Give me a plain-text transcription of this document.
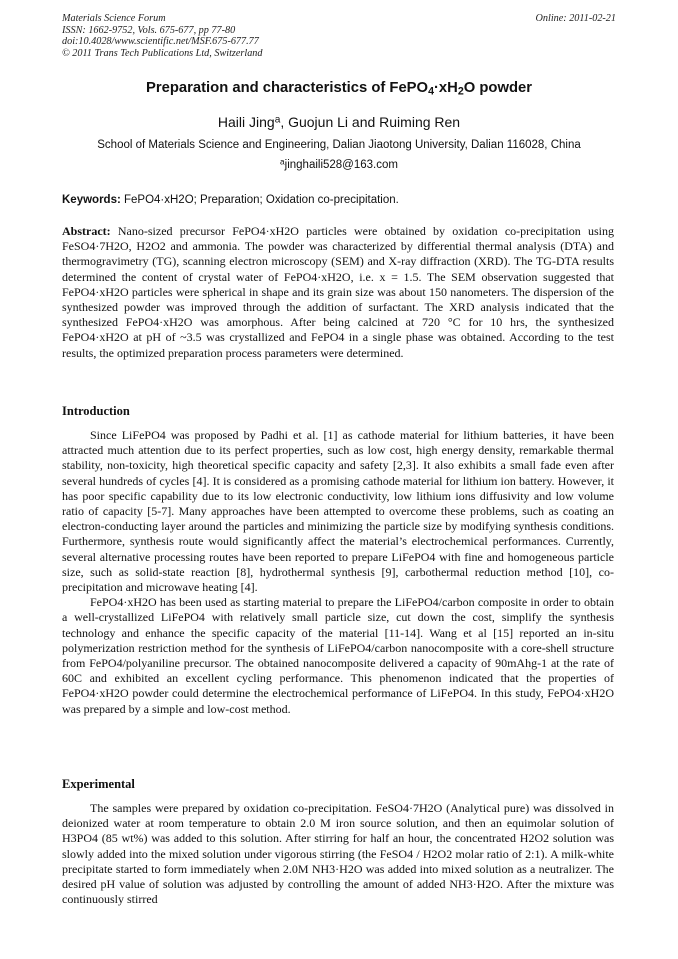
Materials Science Forum	Online: 2011-02-21
ISSN: 1662-9752, Vols. 675-677, pp 77-80
doi:10.4028/www.scientific.net/MSF.675-677.77
© 2011 Trans Tech Publications Ltd, Switzerland
Preparation and characteristics of $FePO_4\cdot xH_2O$ powder
Haili Jing$^a$, Guojun Li and Ruiming Ren
School of Materials Science and Engineering, Dalian Jiaotong University, Dalian 116028, China
$^a$jinghaili528@163.com
Keywords: FePO4·xH2O; Preparation; Oxidation co-precipitation.

Abstract: Nano-sized precursor FePO4·xH2O particles were obtained by oxidation co-precipitation using FeSO4·7H2O, H2O2 and ammonia. The powder was characterized by differential thermal analysis (DTA) and thermogravimetry (TG), scanning electron microscopy (SEM) and X-ray diffraction (XRD). The TG-DTA results determined the content of crystal water of FePO4·xH2O, i.e. x = 1.5. The SEM observation suggested that FePO4·xH2O particles were spherical in shape and its grain size was about 150 nanometers. The dispersion of the synthesized powder was improved through the addition of surfactant. The XRD analysis indicated that the synthesized FePO4·xH2O was amorphous. After being calcined at 720 °C for 10 hrs, the synthesized FePO4·xH2O at pH of ~3.5 was crystallized and FePO4 in a single phase was obtained. According to the test results, the optimized preparation process parameters were determined.

Introduction

Since LiFePO4 was proposed by Padhi et al. [1] as cathode material for lithium batteries, it have been attracted much attention due to its perfect properties, such as low cost, high energy density, remarkable thermal stability, non-toxicity, high theoretical specific capacity and safety [2,3]. It also exhibits a small fade even after several hundreds of cycles [4]. It is considered as a promising cathode material for lithium ion battery. However, it has poor specific capability due to its low electronic conductivity, low lithium ions diffusivity and low volume ratio of capacity [5-7]. Many approaches have been attempted to overcome these problems, such as coating an electron-conducting layer around the particles and minimizing the particle size by modifying synthesis conditions. Furthermore, synthesis route would significantly affect the material’s electrochemical performances. Currently, several alternative processing routes have been reported to prepare LiFePO4 with fine and homogeneous particle size, such as solid-state reaction [8], hydrothermal synthesis [9], carbothermal reduction method [10], co-precipitation and microwave heating [4].

FePO4·xH2O has been used as starting material to prepare the LiFePO4/carbon composite in order to obtain a well-crystallized LiFePO4 with relatively small particle size, cut down the cost, simplify the synthesis technology and enhance the specific capacity of the material [11-14]. Wang et al [15] reported an in-situ polymerization restriction method for the synthesis of LiFePO4/carbon nanocomposite with a core-shell structure from FePO4/polyaniline precursor. The obtained nanocomposite delivered a capacity of 90mAhg-1 at the rate of 60C and exhibited an excellent cycling performance. This phenomenon indicated that the properties of FePO4·xH2O powder could determine the electrochemical performance of LiFePO4. In this study, FePO4·xH2O was prepared by a simple and low-cost method.

Experimental

The samples were prepared by oxidation co-precipitation. FeSO4·7H2O (Analytical pure) was dissolved in deionized water at room temperature to obtain 2.0 M iron source solution, and then an equimolar solution of H3PO4 (85 wt%) was added to this solution. After stirring for half an hour, the concentrated H2O2 solution was slowly added into the mixed solution under vigorous stirring (the FeSO4 / H2O2 molar ratio of 2:1). A milk-white precipitate started to form immediately when 2.0M NH3·H2O was added into mixed solution as a neutralizer. The desired pH value of solution was adjusted by controlling the amount of added NH3·H2O. After the mixture was continuously stirred
